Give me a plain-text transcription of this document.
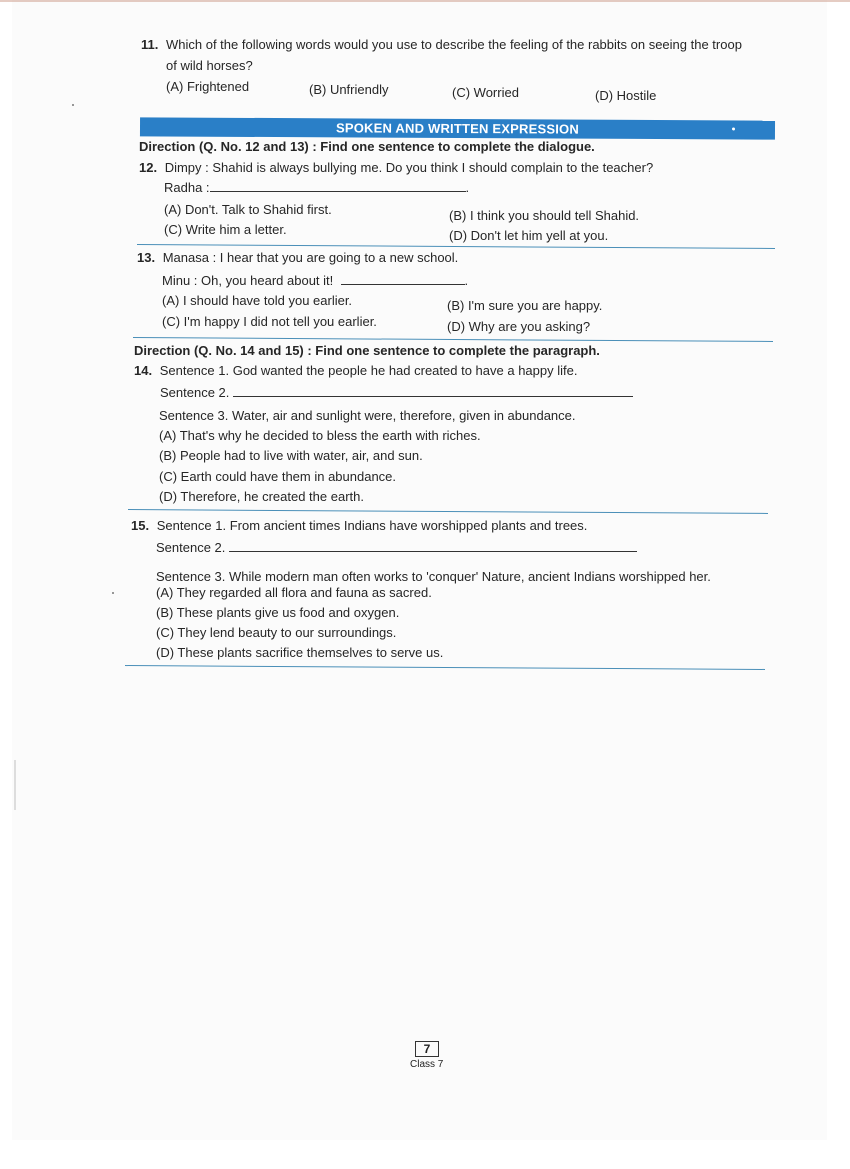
11. Which of the following words would you use to describe the feeling of the rabbits on seeing the troop
of wild horses?
(A) Frightened	(B) Unfriendly	(C) Worried	(D) Hostile
SPOKEN AND WRITTEN EXPRESSION
Direction (Q. No. 12 and 13) : Find one sentence to complete the dialogue.
12. Dimpy : Shahid is always bullying me. Do you think I should complain to the teacher?
Radha :	.
(A) Don't. Talk to Shahid first.	(B) I think you should tell Shahid.
(C) Write him a letter.	(D) Don't let him yell at you.
13. Manasa : I hear that you are going to a new school.
Minu : Oh, you heard about it!	.
(A) I should have told you earlier.	(B) I'm sure you are happy.
(C) I'm happy I did not tell you earlier.	(D) Why are you asking?
Direction (Q. No. 14 and 15) : Find one sentence to complete the paragraph.
14. Sentence 1. God wanted the people he had created to have a happy life.
Sentence 2.
Sentence 3. Water, air and sunlight were, therefore, given in abundance.
(A) That's why he decided to bless the earth with riches.
(B) People had to live with water, air, and sun.
(C) Earth could have them in abundance.
(D) Therefore, he created the earth.
15. Sentence 1. From ancient times Indians have worshipped plants and trees.
Sentence 2.
Sentence 3. While modern man often works to 'conquer' Nature, ancient Indians worshipped her.
(A) They regarded all flora and fauna as sacred.
(B) These plants give us food and oxygen.
(C) They lend beauty to our surroundings.
(D) These plants sacrifice themselves to serve us.
7
Class 7
